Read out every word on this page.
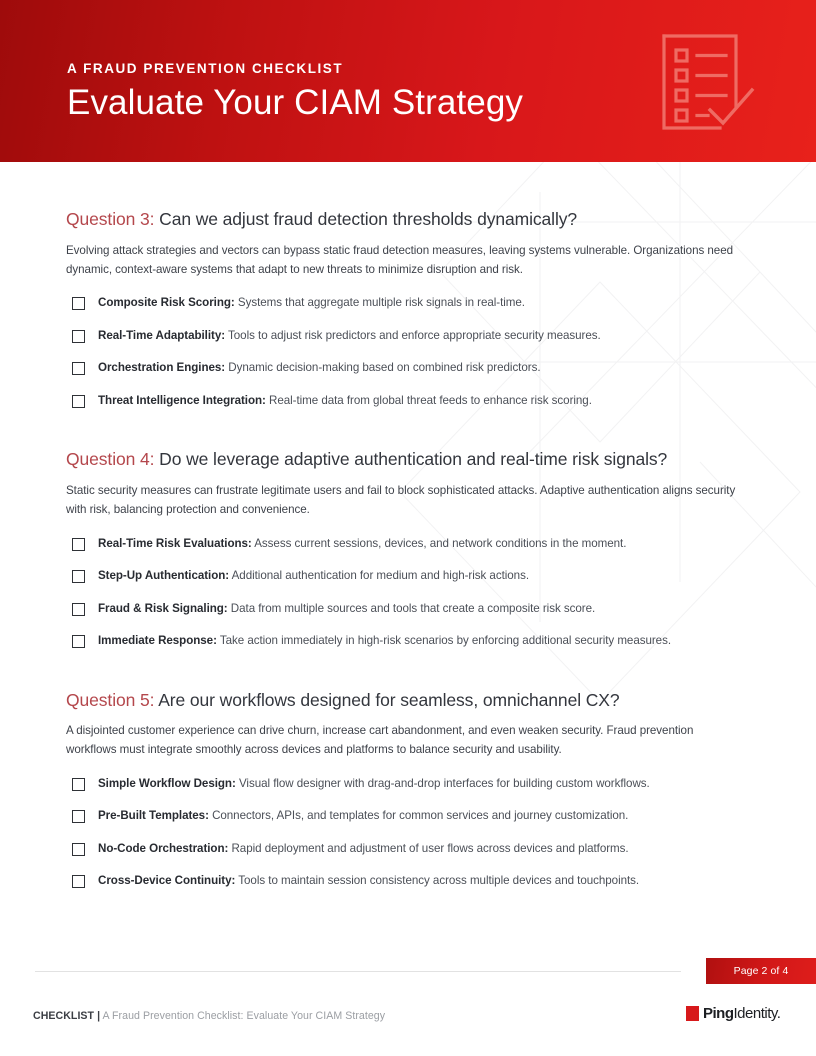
A FRAUD PREVENTION CHECKLIST

Evaluate Your CIAM Strategy
Question 3: Can we adjust fraud detection thresholds dynamically?

Evolving attack strategies and vectors can bypass static fraud detection measures, leaving systems vulnerable. Organizations need dynamic, context-aware systems that adapt to new threats to minimize disruption and risk.

Composite Risk Scoring: Systems that aggregate multiple risk signals in real-time.
Real-Time Adaptability: Tools to adjust risk predictors and enforce appropriate security measures.
Orchestration Engines: Dynamic decision-making based on combined risk predictors.
Threat Intelligence Integration: Real-time data from global threat feeds to enhance risk scoring.
Question 4: Do we leverage adaptive authentication and real-time risk signals?

Static security measures can frustrate legitimate users and fail to block sophisticated attacks. Adaptive authentication aligns security with risk, balancing protection and convenience.

Real-Time Risk Evaluations: Assess current sessions, devices, and network conditions in the moment.
Step-Up Authentication: Additional authentication for medium and high-risk actions.
Fraud & Risk Signaling: Data from multiple sources and tools that create a composite risk score.
Immediate Response: Take action immediately in high-risk scenarios by enforcing additional security measures.
Question 5: Are our workflows designed for seamless, omnichannel CX?

A disjointed customer experience can drive churn, increase cart abandonment, and even weaken security. Fraud prevention workflows must integrate smoothly across devices and platforms to balance security and usability.

Simple Workflow Design: Visual flow designer with drag-and-drop interfaces for building custom workflows.
Pre-Built Templates: Connectors, APIs, and templates for common services and journey customization.
No-Code Orchestration: Rapid deployment and adjustment of user flows across devices and platforms.
Cross-Device Continuity: Tools to maintain session consistency across multiple devices and touchpoints.
Page 2 of 4
CHECKLIST | A Fraud Prevention Checklist: Evaluate Your CIAM Strategy	PingIdentity.
